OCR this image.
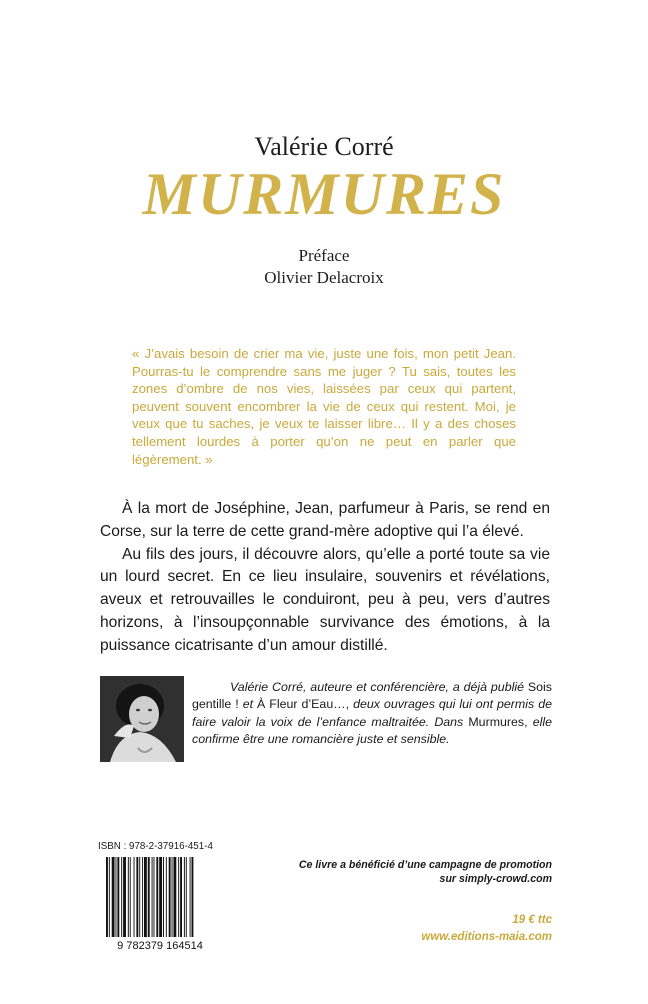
Valérie Corré
MURMURES
Préface
Olivier Delacroix
« J’avais besoin de crier ma vie, juste une fois, mon petit Jean. Pourras-tu le comprendre sans me juger ? Tu sais, toutes les zones d’ombre de nos vies, laissées par ceux qui partent, peuvent souvent encombrer la vie de ceux qui restent. Moi, je veux que tu saches, je veux te laisser libre… Il y a des choses tellement lourdes à porter qu’on ne peut en parler que légèrement. »

À la mort de Joséphine, Jean, parfumeur à Paris, se rend en Corse, sur la terre de cette grand-mère adoptive qui l’a élevé.

Au fils des jours, il découvre alors, qu’elle a porté toute sa vie un lourd secret. En ce lieu insulaire, souvenirs et révélations, aveux et retrouvailles le conduiront, peu à peu, vers d’autres horizons, à l’insoupçonnable survivance des émotions, à la puissance cicatrisante d’un amour distillé.

Valérie Corré, auteure et conférencière, a déjà publié Sois gentille ! et À Fleur d’Eau…, deux ouvrages qui lui ont permis de faire valoir la voix de l’enfance maltraitée. Dans Murmures, elle confirme être une romancière juste et sensible.

ISBN : 978-2-37916-451-4
9 782379 164514
Ce livre a bénéficié d’une campagne de promotion
sur simply-crowd.com
19 € ttc
www.editions-maia.com
